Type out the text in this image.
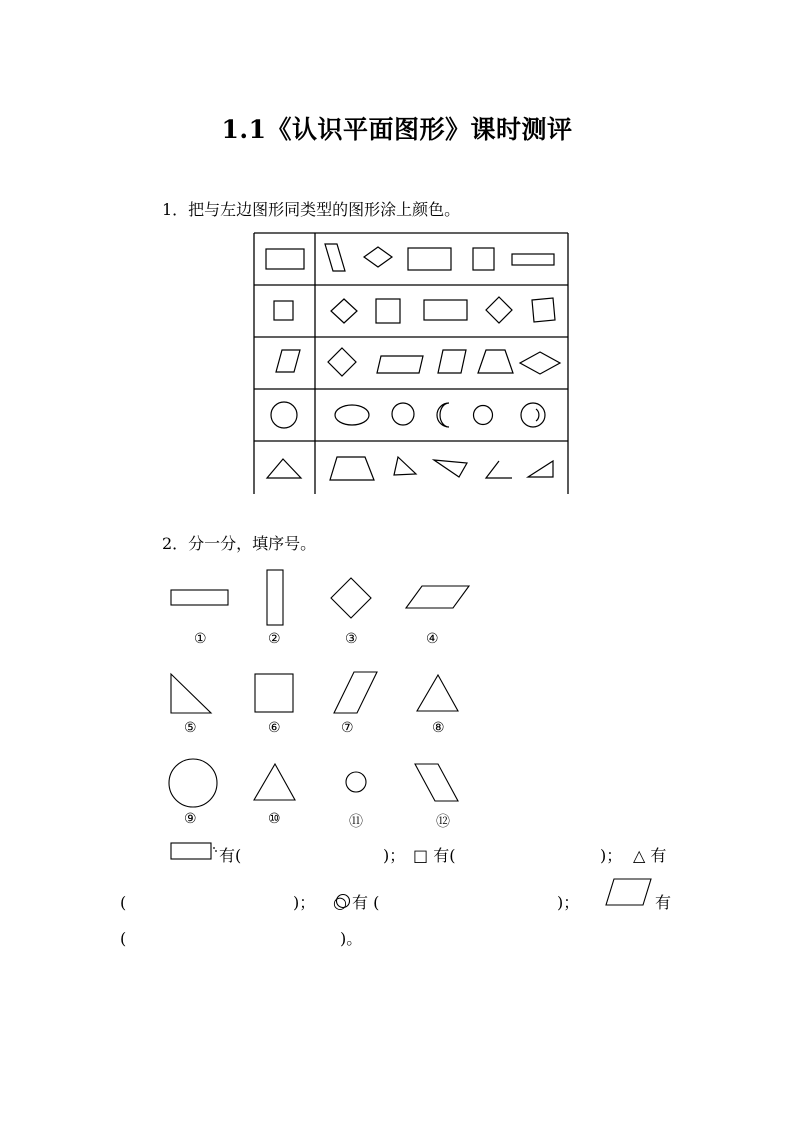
1.1《认识平面图形》课时测评
1．把与左边图形同类型的图形涂上颜色。
2．分一分，填序号。
①	②	③	④
⑤	⑥	⑦	⑧
⑨	⑩	⑪	⑫
有(	)； □ 有(	)； △ 有
(	)； ○ 有 (	)；	有
(	)。
